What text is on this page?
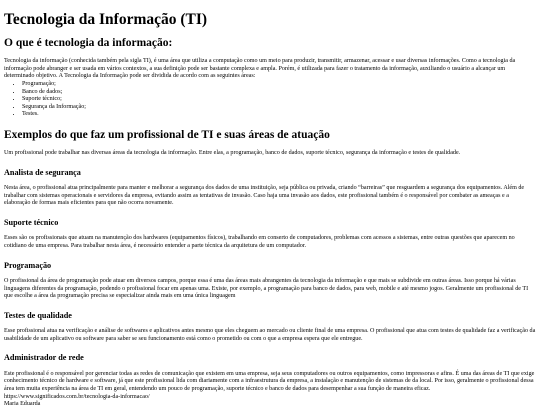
Tecnologia da Informação (TI)
O que é tecnologia da informação:

Tecnologia da informação (conhecida também pela sigla TI), é uma área que utiliza a computação como um meio para produzir, transmitir, armazenar, acessar e usar diversas informações. Como a tecnologia da informação pode abranger e ser usada em vários contextos, a sua definição pode ser bastante complexa e ampla. Porém, é utilizada para fazer o tratamento da informação, auxiliando o usuário a alcançar um determinado objetivo. A Tecnologia da Informação pode ser dividida de acordo com as seguintes áreas:

• Programação;
• Banco de dados;
• Suporte técnico;
• Segurança da Informação;
• Testes.
Exemplos do que faz um profissional de TI e suas áreas de atuação

Um profissional pode trabalhar nas diversas áreas da tecnologia da informação. Entre elas, a programação, banco de dados, suporte técnico, segurança da informação e testes de qualidade.

Analista de segurança

Nesta área, o profissional atua principalmente para manter e melhorar a segurança dos dados de uma instituição, seja pública ou privada, criando “barreiras” que resguardem a segurança dos equipamentos. Além de trabalhar com sistemas operacionais e servidores da empresa, evitando assim as tentativas de invasão. Caso haja uma invasão aos dados, este profissional também é o responsável por combater as ameaças e a elaboração de formas mais eficientes para que não ocorra novamente.

Suporte técnico

Esses são os profissionais que atuam na manutenção dos hardwares (equipamentos físicos), trabalhando em conserto de computadores, problemas com acessos a sistemas, entre outras questões que aparecem no cotidiano de uma empresa. Para trabalhar nesta área, é necessário entender a parte técnica da arquitetura de um computador.

Programação

O profissional da área de programação pode atuar em diversos campos, porque essa é uma das áreas mais abrangentes da tecnologia da informação e que mais se subdivide em outras áreas. Isso porque há várias linguagens diferentes da programação, podendo o profissional focar em apenas uma. Existe, por exemplo, a programação para banco de dados, para web, mobile e até mesmo jogos. Geralmente um profissional de TI que escolhe a área da programação precisa se especializar ainda mais em uma única linguagem

Testes de qualidade

Esse profissional atua na verificação e análise de softwares e aplicativos antes mesmo que eles cheguem ao mercado ou cliente final de uma empresa. O profissional que atua com testes de qualidade faz a verificação da usabilidade de um aplicativo ou software para saber se seu funcionamento está como o prometido ou com o que a empresa espera que ele entregue.

Administrador de rede

Este profissional é o responsável por gerenciar todas as redes de comunicação que existem em uma empresa, seja seus computadores ou outros equipamentos, como impressoras e afins. É uma das áreas de TI que exige conhecimento técnico de hardware e software, já que este profissional lida com diariamente com a infraestrutura da empresa, a instalação e manutenção de sistemas de da local. Por isso, geralmente o profissional dessa área tem muita experiência na área de TI em geral, entendendo um pouco de programação, suporte técnico e banco de dados para desempenhar a sua função de maneira eficaz.

https://www.significados.com.br/tecnologia-da-informacao/
Maria Eduarda
